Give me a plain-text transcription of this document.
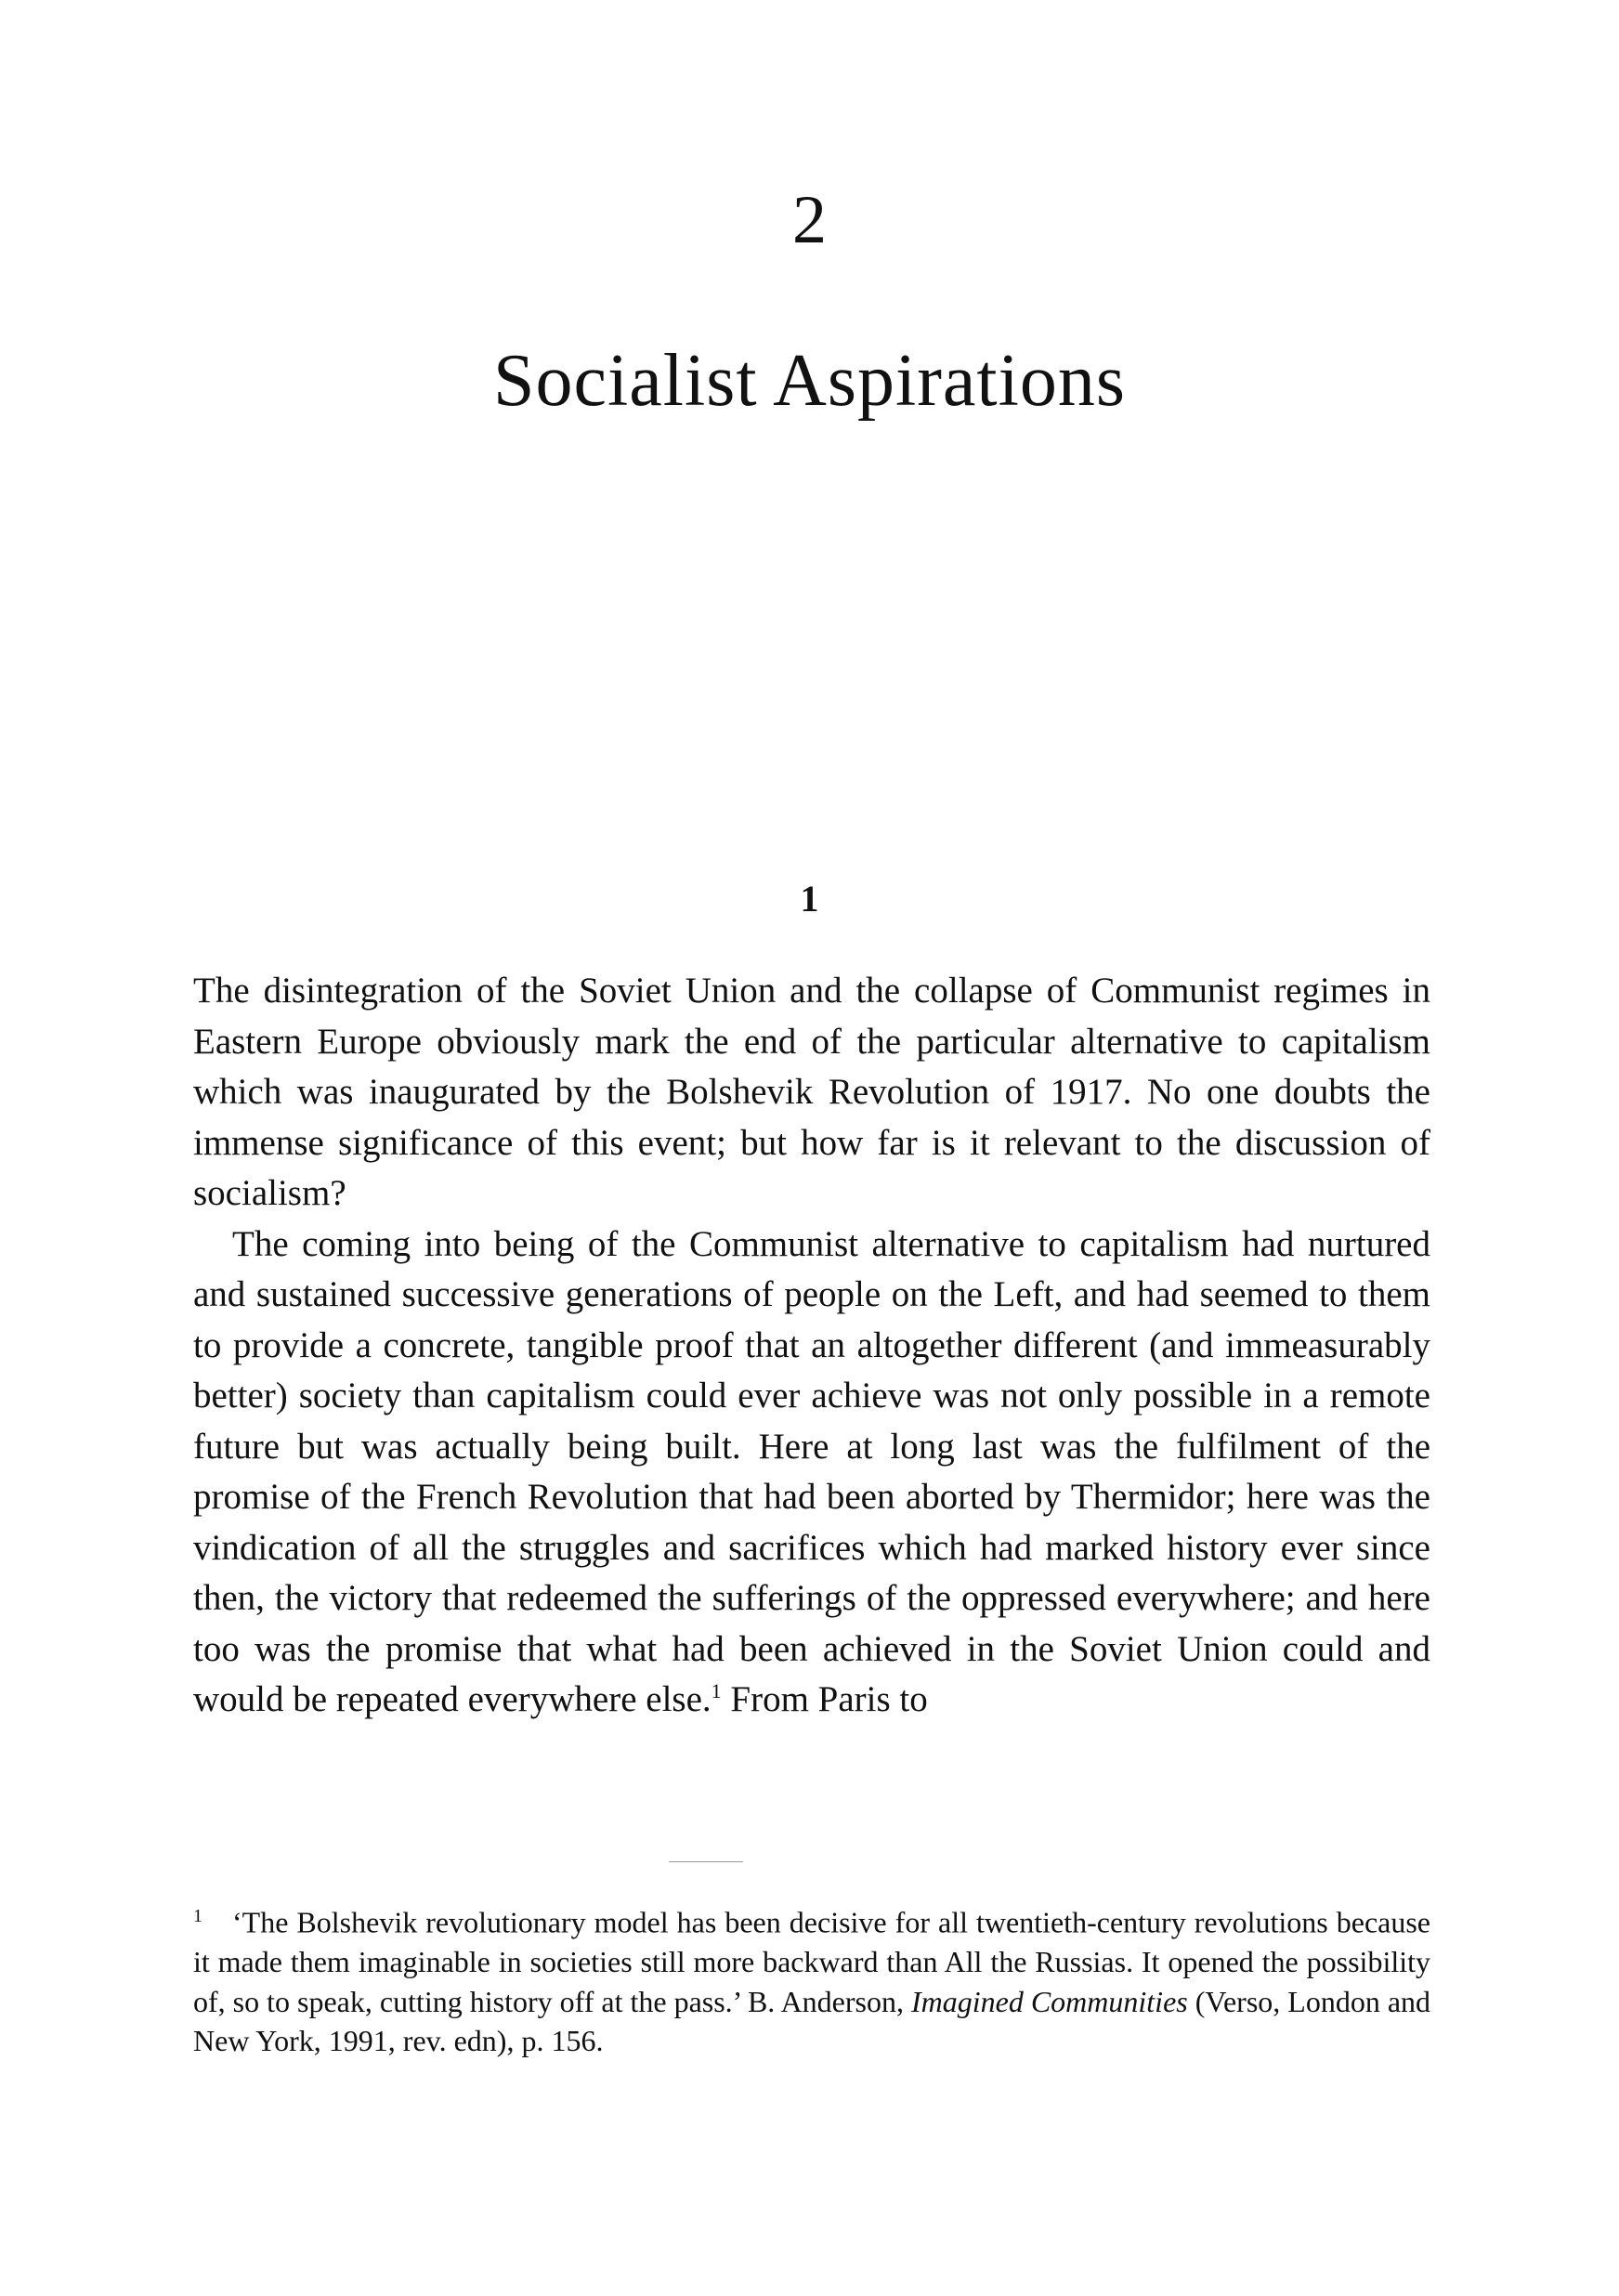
2
Socialist Aspirations
1

The disintegration of the Soviet Union and the collapse of Communist regimes in Eastern Europe obviously mark the end of the particular alternative to capitalism which was inaugurated by the Bolshevik Revolution of 1917. No one doubts the immense significance of this event; but how far is it relevant to the discussion of socialism?

The coming into being of the Communist alternative to capitalism had nurtured and sustained successive generations of people on the Left, and had seemed to them to provide a concrete, tangible proof that an altogether different (and immeasurably better) society than capitalism could ever achieve was not only possible in a remote future but was actually being built. Here at long last was the fulfilment of the promise of the French Revolution that had been aborted by Thermidor; here was the vindication of all the struggles and sacrifices which had marked history ever since then, the victory that redeemed the sufferings of the oppressed everywhere; and here too was the promise that what had been achieved in the Soviet Union could and would be repeated everywhere else.$^1$ From Paris to

$^1$ ‘The Bolshevik revolutionary model has been decisive for all twentieth-century revolutions because it made them imaginable in societies still more backward than All the Russias. It opened the possibility of, so to speak, cutting history off at the pass.’ B. Anderson, Imagined Communities (Verso, London and New York, 1991, rev. edn), p. 156.
